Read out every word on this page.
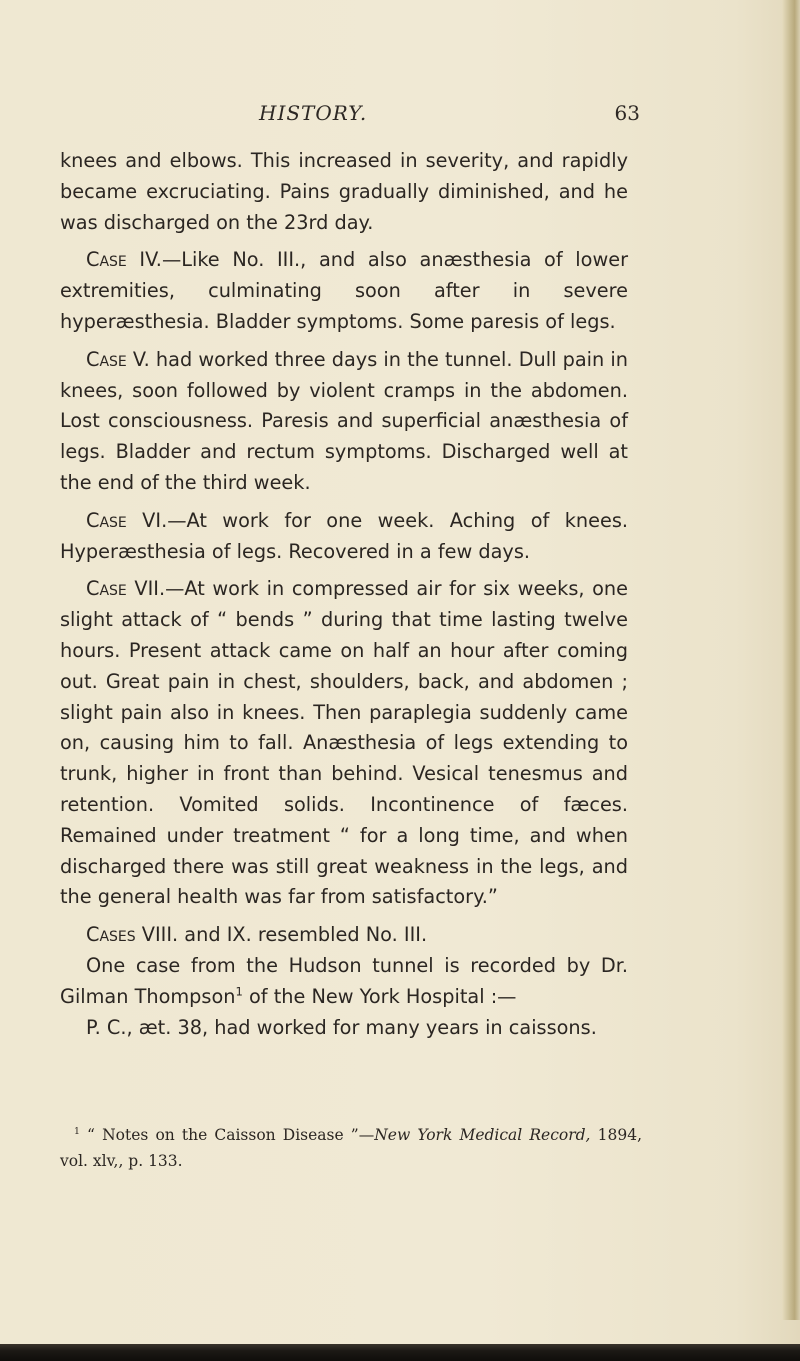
HISTORY.	63

knees and elbows. This increased in severity, and rapidly became excruciating. Pains gradually diminished, and he was discharged on the 23rd day.

Case IV.—Like No. III., and also anæsthesia of lower extremities, culminating soon after in severe hyperæsthesia. Bladder symptoms. Some paresis of legs.

Case V. had worked three days in the tunnel. Dull pain in knees, soon followed by violent cramps in the abdomen. Lost consciousness. Paresis and superficial anæsthesia of legs. Bladder and rectum symptoms. Discharged well at the end of the third week.

Case VI.—At work for one week. Aching of knees. Hyperæsthesia of legs. Recovered in a few days.

Case VII.—At work in compressed air for six weeks, one slight attack of “ bends ” during that time lasting twelve hours. Present attack came on half an hour after coming out. Great pain in chest, shoulders, back, and abdomen ; slight pain also in knees. Then paraplegia suddenly came on, causing him to fall. Anæsthesia of legs extending to trunk, higher in front than behind. Vesical tenesmus and retention. Vomited solids. Incontinence of fæces. Remained under treatment “ for a long time, and when discharged there was still great weakness in the legs, and the general health was far from satisfactory.”

Cases VIII. and IX. resembled No. III.

One case from the Hudson tunnel is recorded by Dr. Gilman Thompson$^1$ of the New York Hospital :—

P. C., æt. 38, had worked for many years in caissons.

$^1$ “ Notes on the Caisson Disease ”—New York Medical Record, 1894, vol. xlv,, p. 133.
